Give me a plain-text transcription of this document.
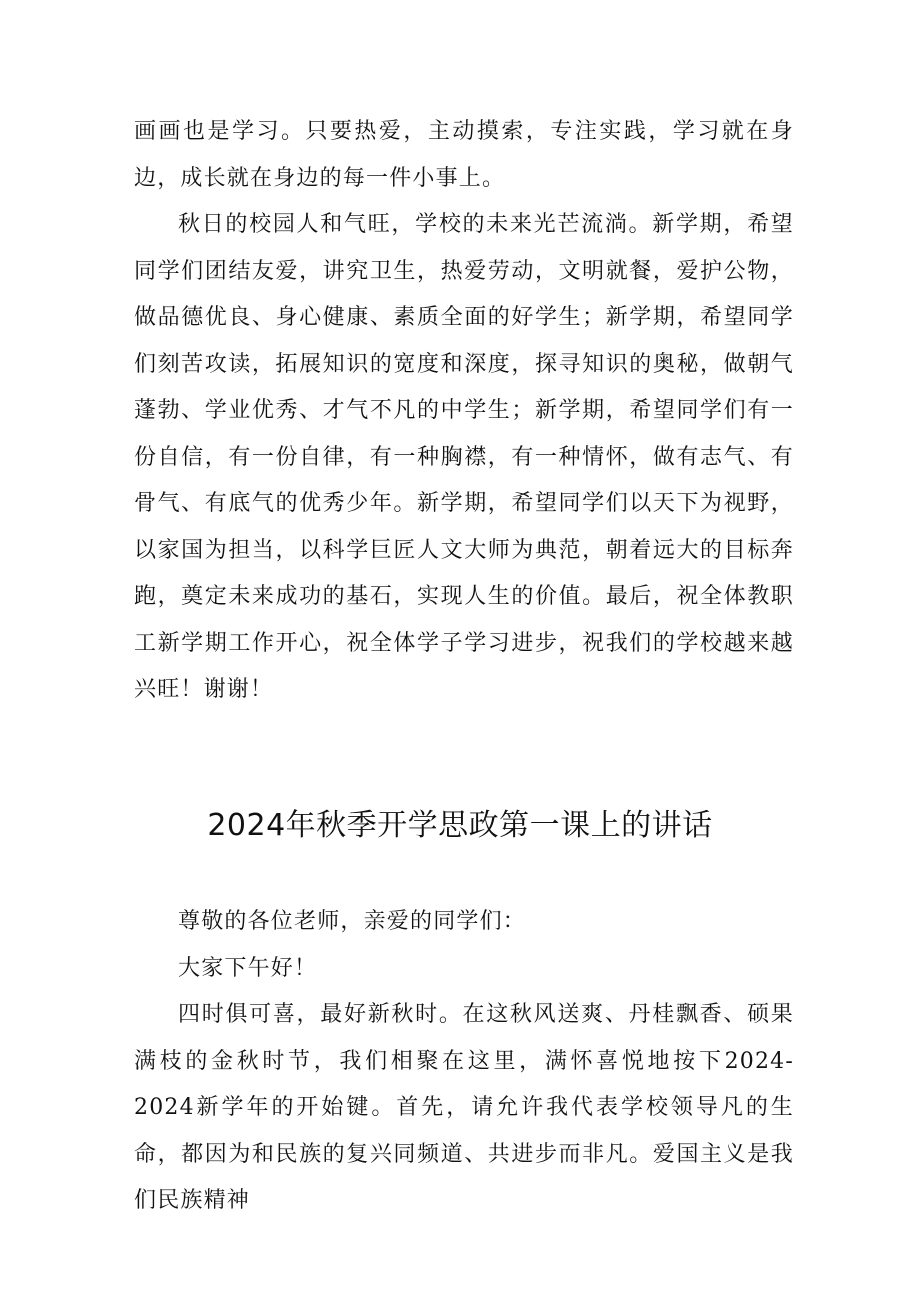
画画也是学习。只要热爱，主动摸索，专注实践，学习就在身边，成长就在身边的每一件小事上。

秋日的校园人和气旺，学校的未来光芒流淌。新学期，希望同学们团结友爱，讲究卫生，热爱劳动，文明就餐，爱护公物，做品德优良、身心健康、素质全面的好学生；新学期，希望同学们刻苦攻读，拓展知识的宽度和深度，探寻知识的奥秘，做朝气蓬勃、学业优秀、才气不凡的中学生；新学期，希望同学们有一份自信，有一份自律，有一种胸襟，有一种情怀，做有志气、有骨气、有底气的优秀少年。新学期，希望同学们以天下为视野，以家国为担当，以科学巨匠人文大师为典范，朝着远大的目标奔跑，奠定未来成功的基石，实现人生的价值。最后，祝全体教职工新学期工作开心，祝全体学子学习进步，祝我们的学校越来越兴旺！谢谢！

2024年秋季开学思政第一课上的讲话

尊敬的各位老师，亲爱的同学们：

大家下午好！

四时俱可喜，最好新秋时。在这秋风送爽、丹桂飘香、硕果满枝的金秋时节，我们相聚在这里，满怀喜悦地按下2024-2024新学年的开始键。首先，请允许我代表学校领导凡的生命，都因为和民族的复兴同频道、共进步而非凡。爱国主义是我们民族精神
